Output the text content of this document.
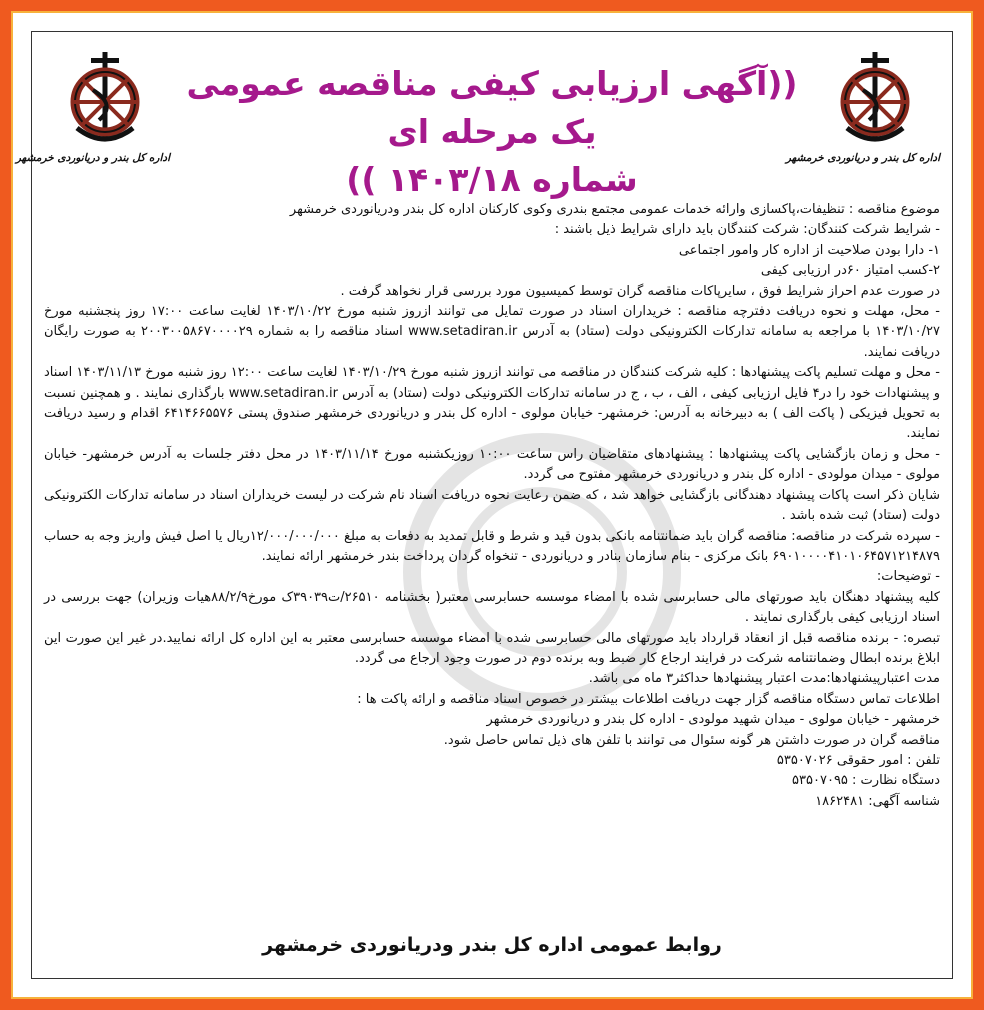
اداره کل بندر و دریانوردی خرمشهر
((آگهی ارزیابی کیفی مناقصه عمومی یک مرحله ای
شماره ۱۴۰۳/۱۸ ))
اداره کل بندر و دریانوردی خرمشهر

موضوع مناقصه : تنظیفات،پاکسازی وارائه خدمات عمومی مجتمع بندری وکوی کارکنان اداره کل بندر ودریانوردی خرمشهر

- شرایط شرکت کنندگان: شرکت کنندگان باید دارای شرایط ذیل باشند :

۱- دارا بودن صلاحیت از اداره کار وامور اجتماعی

۲-کسب امتیاز ۶۰در ارزیابی کیفی

در صورت عدم احراز شرایط فوق ، سایرپاکات مناقصه گران توسط کمیسیون مورد بررسی قرار نخواهد گرفت .

- محل، مهلت و نحوه دریافت دفترچه مناقصه : خریداران اسناد در صورت تمایل می توانند ازروز شنبه مورخ ۱۴۰۳/۱۰/۲۲ لغایت ساعت ۱۷:۰۰ روز پنجشنبه مورخ ۱۴۰۳/۱۰/۲۷ با مراجعه به سامانه تدارکات الکترونیکی دولت (ستاد) به آدرس www.setadiran.ir اسناد مناقصه را به شماره ۲۰۰۳۰۰۵۸۶۷۰۰۰۰۲۹ به صورت رایگان دریافت نمایند.

- محل و مهلت تسلیم پاکت پیشنهادها : کلیه شرکت کنندگان در مناقصه می توانند ازروز شنبه مورخ ۱۴۰۳/۱۰/۲۹ لغایت ساعت ۱۲:۰۰ روز شنبه مورخ ۱۴۰۳/۱۱/۱۳ اسناد و پیشنهادات خود را در۴ فایل ارزیابی کیفی ، الف ، ب ، ج در سامانه تدارکات الکترونیکی دولت (ستاد) به آدرس www.setadiran.ir بارگذاری نمایند . و همچنین نسبت به تحویل فیزیکی ( پاکت الف ) به دبیرخانه به آدرس: خرمشهر- خیابان مولوی - اداره کل بندر و دریانوردی خرمشهر صندوق پستی ۶۴۱۴۶۶۵۵۷۶ اقدام و رسید دریافت نمایند.

- محل و زمان بازگشایی پاکت پیشنهادها : پیشنهادهای متقاضیان راس ساعت ۱۰:۰۰ روزیکشنبه مورخ ۱۴۰۳/۱۱/۱۴ در محل دفتر جلسات به آدرس خرمشهر- خیابان مولوی - میدان مولودی - اداره کل بندر و دریانوردی خرمشهر مفتوح می گردد.

شایان ذکر است پاکات پیشنهاد دهندگانی بازگشایی خواهد شد ، که ضمن رعایت نحوه دریافت اسناد نام شرکت در لیست خریداران اسناد در سامانه تدارکات الکترونیکی دولت (ستاد) ثبت شده باشد .

- سپرده شرکت در مناقصه: مناقصه گران باید ضمانتنامه بانکی بدون قید و شرط و قابل تمدید به دفعات به مبلغ ۱۲/۰۰۰/۰۰۰/۰۰۰ریال یا اصل فیش واریز وجه به حساب ۶۹۰۱۰۰۰۰۴۱۰۱۰۶۴۵۷۱۲۱۴۸۷۹ بانک مرکزی - بنام سازمان بنادر و دریانوردی - تنخواه گردان پرداخت بندر خرمشهر ارائه نمایند.

- توضیحات:

کلیه پیشنهاد دهنگان باید صورتهای مالی حسابرسی شده با امضاء موسسه حسابرسی معتبر( بخشنامه ۲۶۵۱۰/ت۳۹۰۳۹ک مورخ۸۸/۲/۹هیات وزیران) جهت بررسی در اسناد ارزیابی کیفی بارگذاری نمایند .

تبصره: - برنده مناقصه قبل از انعقاد قرارداد باید صورتهای مالی حسابرسی شده با امضاء موسسه حسابرسی معتبر به این اداره کل ارائه نمایید.در غیر این صورت این ابلاغ برنده ابطال وضمانتنامه شرکت در فرایند ارجاع کار ضبط وبه برنده دوم در صورت وجود ارجاع می گردد.

مدت اعتبارپیشنهادها:مدت اعتبار پیشنهادها حداکثر۳ ماه می باشد.

اطلاعات تماس دستگاه مناقصه گزار جهت دریافت اطلاعات بیشتر در خصوص اسناد مناقصه و ارائه پاکت ها :

خرمشهر - خیابان مولوی - میدان شهید مولودی - اداره کل بندر و دریانوردی خرمشهر

مناقصه گران در صورت داشتن هر گونه سئوال می توانند با تلفن های ذیل تماس حاصل شود.

تلفن : امور حقوقی ۵۳۵۰۷۰۲۶

دستگاه نظارت : ۵۳۵۰۷۰۹۵

شناسه آگهی: ۱۸۶۲۴۸۱

روابط عمومی اداره کل بندر ودریانوردی خرمشهر
